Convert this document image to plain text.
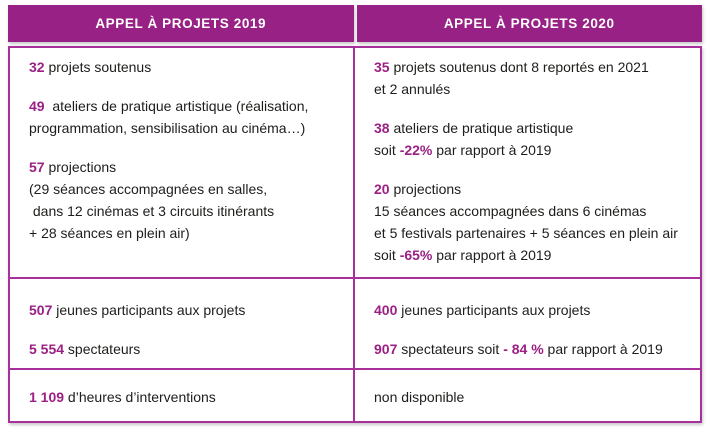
APPEL À PROJETS 2019	APPEL À PROJETS 2020
32 projets soutenus
49  ateliers de pratique artistique (réalisation,
programmation, sensibilisation au cinéma…)
57 projections
(29 séances accompagnées en salles,
dans 12 cinémas et 3 circuits itinérants
+ 28 séances en plein air)
35 projets soutenus dont 8 reportés en 2021
et 2 annulés
38 ateliers de pratique artistique
soit -22% par rapport à 2019
20 projections
15 séances accompagnées dans 6 cinémas
et 5 festivals partenaires + 5 séances en plein air
soit -65% par rapport à 2019
507 jeunes participants aux projets
5 554 spectateurs
400 jeunes participants aux projets
907 spectateurs soit - 84 % par rapport à 2019
1 109 d’heures d’interventions	non disponible
